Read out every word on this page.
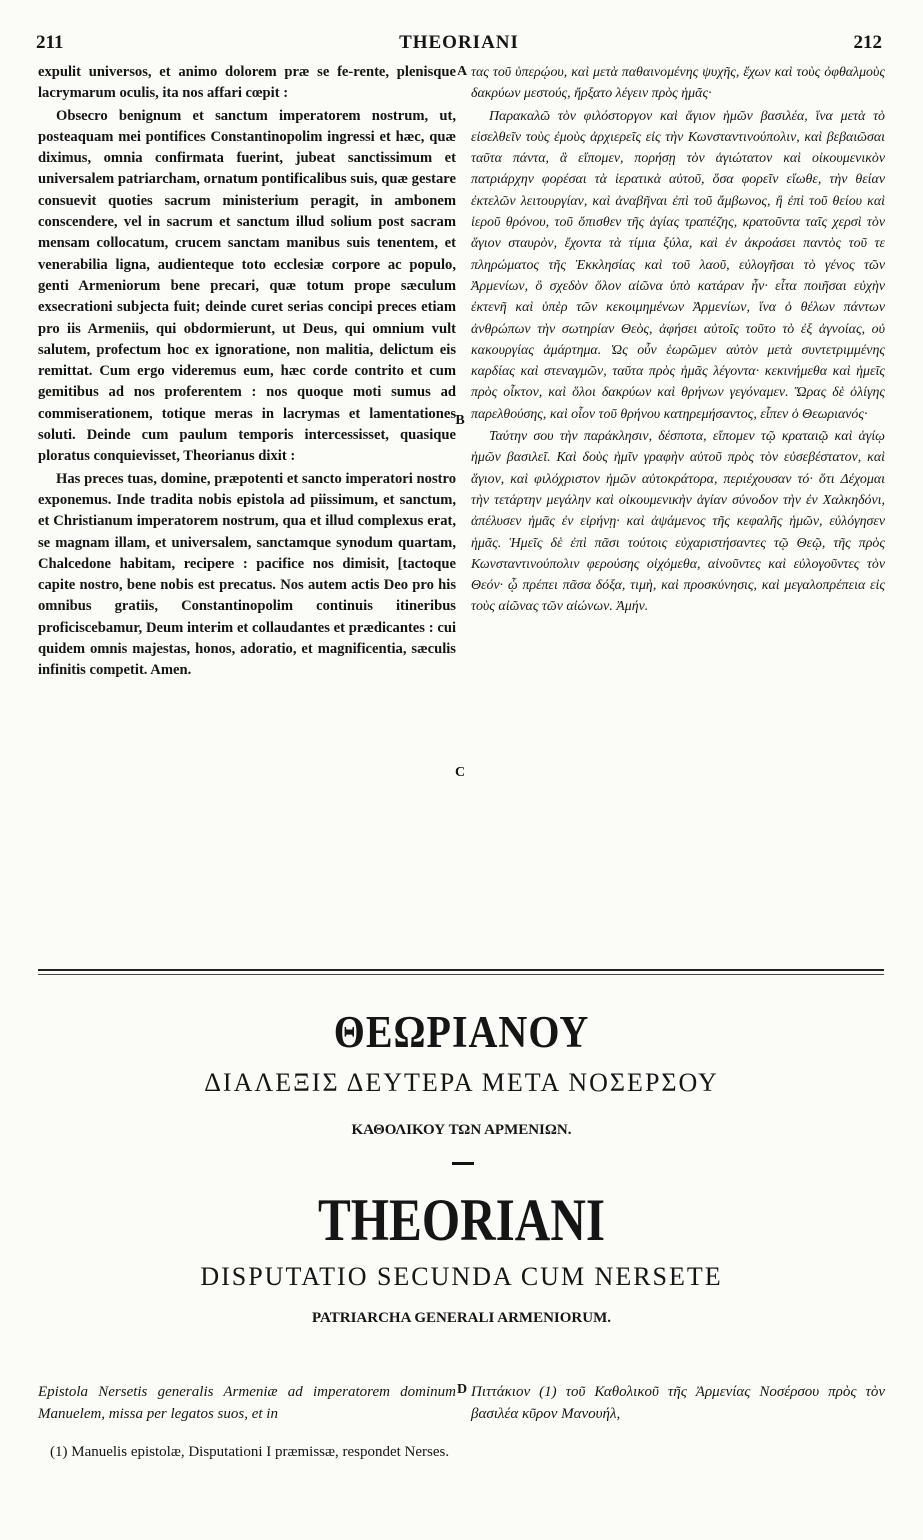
211	THEORIANI	212

expulit universos, et animo dolorem præ se fe-rente, plenisque lacrymarum oculis, ita nos affari cœpit :

Obsecro benignum et sanctum imperatorem nostrum, ut, posteaquam mei pontifices Constantinopolim ingressi et hæc, quæ diximus, omnia confirmata fuerint, jubeat sanctissimum et universalem patriarcham, ornatum pontificalibus suis, quæ gestare consuevit quoties sacrum ministerium peragit, in ambonem conscendere, vel in sacrum et sanctum illud solium post sacram mensam collocatum, crucem sanctam manibus suis tenentem, et venerabilia ligna, audienteque toto ecclesiæ corpore ac populo, genti Armeniorum bene precari, quæ totum prope sæculum exsecrationi subjecta fuit; deinde curet serias concipi preces etiam pro iis Armeniis, qui obdormierunt, ut Deus, qui omnium vult salutem, profectum hoc ex ignoratione, non malitia, delictum eis remittat. Cum ergo videremus eum, hæc corde contrito et cum gemitibus ad nos proferentem : nos quoque moti sumus ad commiserationem, totique meras in lacrymas et lamentationes soluti. Deinde cum paulum temporis intercessisset, quasique ploratus conquievisset, Theorianus dixit :

Has preces tuas, domine, præpotenti et sancto imperatori nostro exponemus. Inde tradita nobis epistola ad piissimum, et sanctum, et Christianum imperatorem nostrum, qua et illud complexus erat, se magnam illam, et universalem, sanctamque synodum quartam, Chalcedone habitam, recipere : pacifice nos dimisit, [tactoque capite nostro, bene nobis est precatus. Nos autem actis Deo pro his omnibus gratiis, Constantinopolim continuis itineribus proficiscebamur, Deum interim et collaudantes et prædicantes : cui quidem omnis majestas, honos, adoratio, et magnificentia, sæculis infinitis competit. Amen.

τας τοῦ ὑπερῴου, καὶ μετὰ παθαινομένης ψυχῆς, ἔχων καὶ τοὺς ὀφθαλμοὺς δακρύων μεστούς, ἤρξατο λέγειν πρὸς ἡμᾶς·

Παρακαλῶ τὸν φιλόστοργον καὶ ἅγιον ἡμῶν βασιλέα, ἵνα μετὰ τὸ εἰσελθεῖν τοὺς ἐμοὺς ἀρχιερεῖς εἰς τὴν Κωνσταντινούπολιν, καὶ βεβαιῶσαι ταῦτα πάντα, ἃ εἴπομεν, πορήσῃ τὸν ἁγιώτατον καὶ οἰκουμενικὸν πατριάρχην φορέσαι τὰ ἱερατικὰ αὐτοῦ, ὅσα φορεῖν εἴωθε, τὴν θείαν ἐκτελῶν λειτουργίαν, καὶ ἀναβῆναι ἐπὶ τοῦ ἄμβωνος, ἢ ἐπὶ τοῦ θείου καὶ ἱεροῦ θρόνου, τοῦ ὄπισθεν τῆς ἁγίας τραπέζης, κρατοῦντα ταῖς χερσὶ τὸν ἅγιον σταυρὸν, ἔχοντα τὰ τίμια ξύλα, καὶ ἐν ἀκροάσει παντὸς τοῦ τε πληρώματος τῆς Ἐκκλησίας καὶ τοῦ λαοῦ, εὐλογῆσαι τὸ γένος τῶν Ἀρμενίων, ὃ σχεδὸν ὅλον αἰῶνα ὑπὸ κατάραν ἦν· εἶτα ποιῆσαι εὐχὴν ἐκτενῆ καὶ ὑπὲρ τῶν κεκοιμημένων Ἀρμενίων, ἵνα ὁ θέλων πάντων ἀνθρώπων τὴν σωτηρίαν Θεὸς, ἀφήσει αὐτοῖς τοῦτο τὸ ἐξ ἀγνοίας, οὐ κακουργίας ἁμάρτημα. Ὡς οὖν ἑωρῶμεν αὐτὸν μετὰ συντετριμμένης καρδίας καὶ στεναγμῶν, ταῦτα πρὸς ἡμᾶς λέγοντα· κεκινήμεθα καὶ ἡμεῖς πρὸς οἶκτον, καὶ ὅλοι δακρύων καὶ θρήνων γεγόναμεν. Ὥρας δὲ ὀλίγης παρελθούσης, καὶ οἷον τοῦ θρήνου κατηρεμήσαντος, εἶπεν ὁ Θεωριανός·

Ταύτην σου τὴν παράκλησιν, δέσποτα, εἴπομεν τῷ κραταιῷ καὶ ἁγίῳ ἡμῶν βασιλεῖ. Καὶ δοὺς ἡμῖν γραφὴν αὐτοῦ πρὸς τὸν εὐσεβέστατον, καὶ ἅγιον, καὶ φιλόχριστον ἡμῶν αὐτοκράτορα, περιέχουσαν τό· ὅτι Δέχομαι τὴν τετάρτην μεγάλην καὶ οἰκουμενικὴν ἁγίαν σύνοδον τὴν ἐν Χαλκηδόνι, ἀπέλυσεν ἡμᾶς ἐν εἰρήνῃ· καὶ ἀψάμενος τῆς κεφαλῆς ἡμῶν, εὐλόγησεν ἡμᾶς. Ἡμεῖς δὲ ἐπὶ πᾶσι τούτοις εὐχαριστήσαντες τῷ Θεῷ, τῆς πρὸς Κωνσταντινούπολιν φερούσης οἰχόμεθα, αἰνοῦντες καὶ εὐλογοῦντες τὸν Θεόν· ᾧ πρέπει πᾶσα δόξα, τιμὴ, καὶ προσκύνησις, καὶ μεγαλοπρέπεια εἰς τοὺς αἰῶνας τῶν αἰώνων. Ἀμήν.

A
B
C
D
ΘΕΩΡΙΑΝΟΥ
ΔΙΑΛΕΞΙΣ ΔΕΥΤΕΡΑ ΜΕΤΑ ΝΟΣΕΡΣΟΥ
ΚΑΘΟΛΙΚΟΥ ΤΩΝ ΑΡΜΕΝΙΩΝ.
THEORIANI
DISPUTATIO SECUNDA CUM NERSETE
PATRIARCHA GENERALI ARMENIORUM.
Epistola Nersetis generalis Armeniæ ad imperatorem dominum Manuelem, missa per legatos suos, et in
Πιττάκιον (1) τοῦ Καθολικοῦ τῆς Ἀρμενίας Νοσέρσου πρὸς τὸν βασιλέα κῦρον Μανουήλ,
(1) Manuelis epistolæ, Disputationi I præmissæ, respondet Nerses.
